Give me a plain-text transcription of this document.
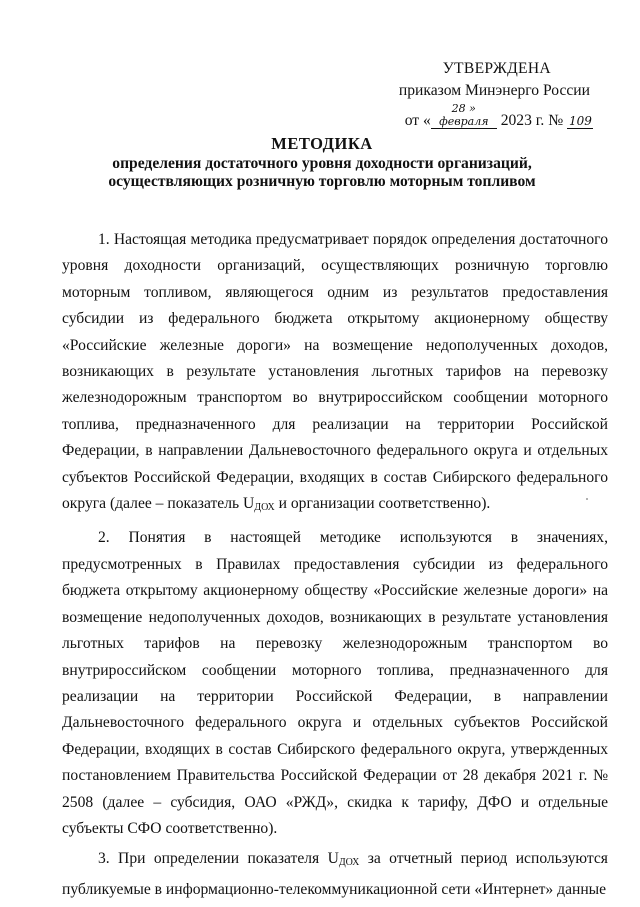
УТВЕРЖДЕНА
приказом Минэнерго России
от «28 » февраля 2023 г. № 109
МЕТОДИКА
определения достаточного уровня доходности организаций, осуществляющих розничную торговлю моторным топливом

1. Настоящая методика предусматривает порядок определения достаточного уровня доходности организаций, осуществляющих розничную торговлю моторным топливом, являющегося одним из результатов предоставления субсидии из федерального бюджета открытому акционерному обществу «Российские железные дороги» на возмещение недополученных доходов, возникающих в результате установления льготных тарифов на перевозку железнодорожным транспортом во внутрироссийском сообщении моторного топлива, предназначенного для реализации на территории Российской Федерации, в направлении Дальневосточного федерального округа и отдельных субъектов Российской Федерации, входящих в состав Сибирского федерального округа (далее – показатель $U_{ДОХ}$ и организации соответственно).

2. Понятия в настоящей методике используются в значениях, предусмотренных в Правилах предоставления субсидии из федерального бюджета открытому акционерному обществу «Российские железные дороги» на возмещение недополученных доходов, возникающих в результате установления льготных тарифов на перевозку железнодорожным транспортом во внутрироссийском сообщении моторного топлива, предназначенного для реализации на территории Российской Федерации, в направлении Дальневосточного федерального округа и отдельных субъектов Российской Федерации, входящих в состав Сибирского федерального округа, утвержденных постановлением Правительства Российской Федерации от 28 декабря 2021 г. № 2508 (далее – субсидия, ОАО «РЖД», скидка к тарифу, ДФО и отдельные субъекты СФО соответственно).

3. При определении показателя $U_{ДОХ}$ за отчетный период используются публикуемые в информационно-телекоммуникационной сети «Интернет» данные
